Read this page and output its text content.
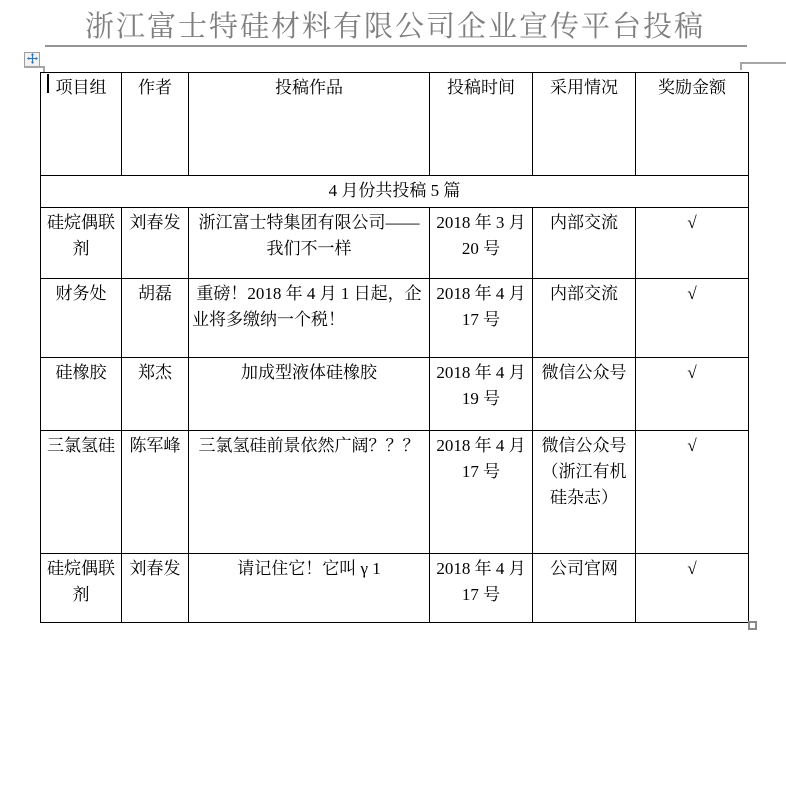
浙江富士特硅材料有限公司企业宣传平台投稿
项目组	作者	投稿作品	投稿时间	采用情况	奖励金额
4 月份共投稿 5 篇					
硅烷偶联剂	刘春发	浙江富士特集团有限公司——我们不一样	2018 年 3 月 20 号	内部交流	√
财务处	胡磊	重磅！2018 年 4 月 1 日起，企业将多缴纳一个税！	2018 年 4 月 17 号	内部交流	√
硅橡胶	郑杰	加成型液体硅橡胶	2018 年 4 月 19 号	微信公众号	√
三氯氢硅	陈军峰	三氯氢硅前景依然广阔？？？	2018 年 4 月 17 号	微信公众号（浙江有机硅杂志）	√
硅烷偶联剂	刘春发	请记住它！它叫 γ 1	2018 年 4 月 17 号	公司官网	√
